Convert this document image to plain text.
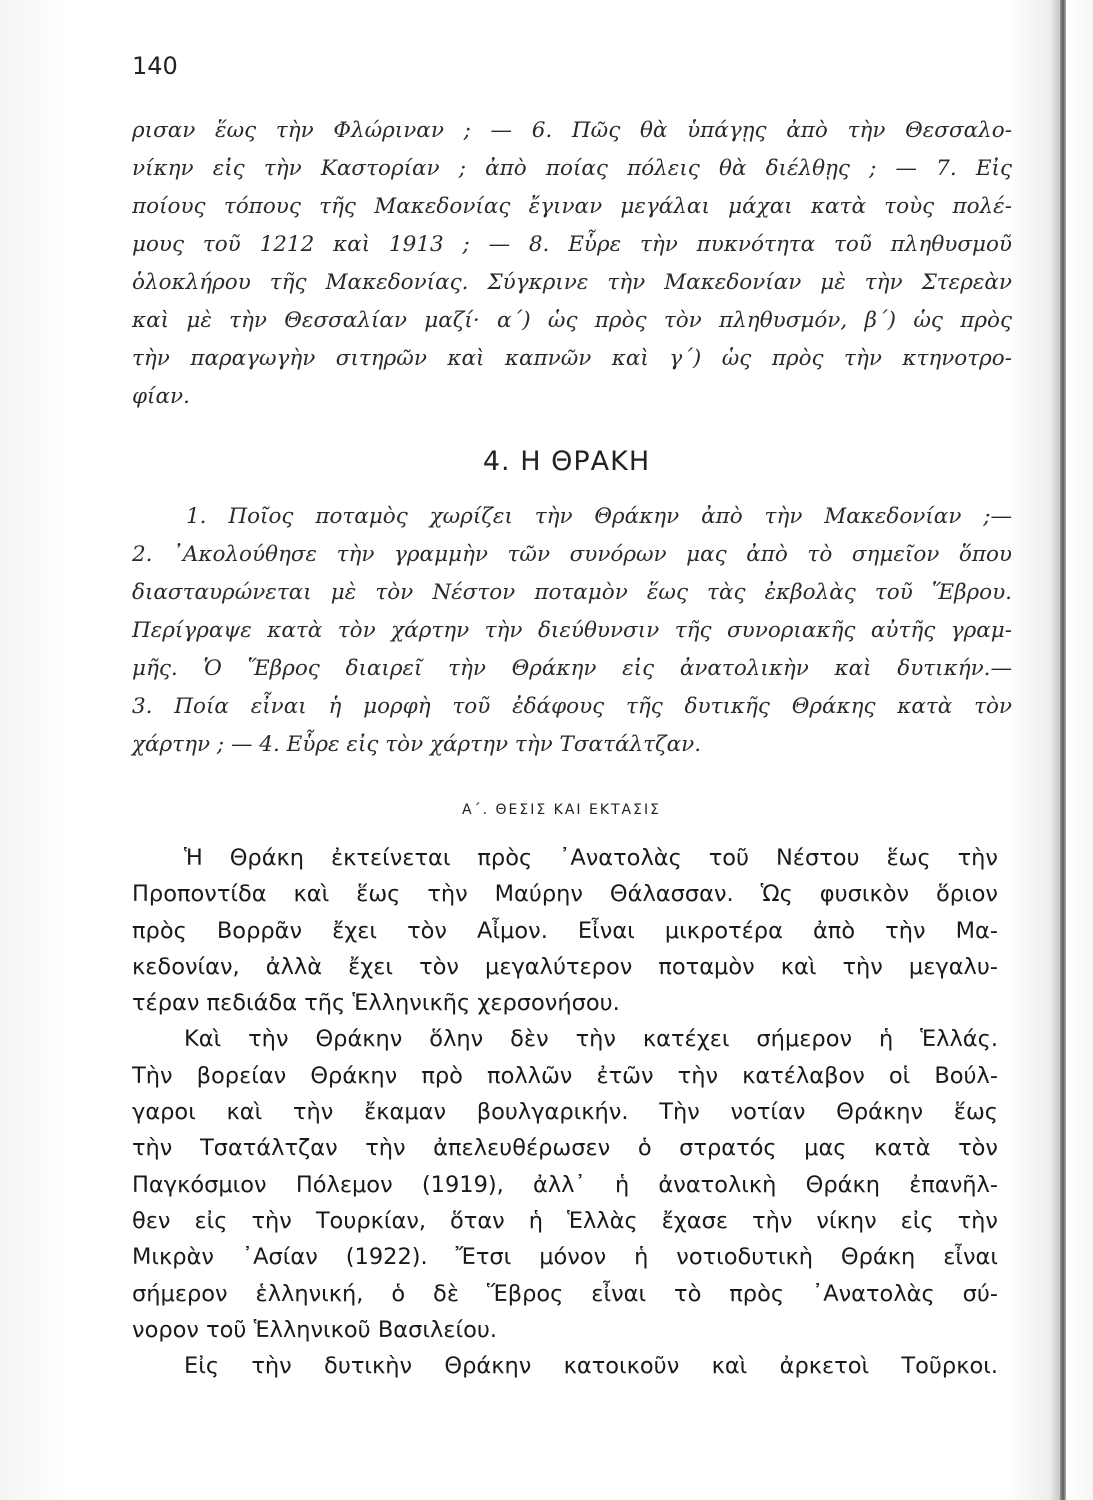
140
ρισαν ἕως τὴν Φλώριναν ; — 6. Πῶς θὰ ὑπάγῃς ἀπὸ τὴν Θεσσαλο-
νίκην εἰς τὴν Καστορίαν ; ἀπὸ ποίας πόλεις θὰ διέλθῃς ; — 7. Εἰς
ποίους τόπους τῆς Μακεδονίας ἔγιναν μεγάλαι μάχαι κατὰ τοὺς πολέ-
μους τοῦ 1212 καὶ 1913 ; — 8. Εὗρε τὴν πυκνότητα τοῦ πληθυσμοῦ
ὁλοκλήρου τῆς Μακεδονίας. Σύγκρινε τὴν Μακεδονίαν μὲ τὴν Στερεὰν
καὶ μὲ τὴν Θεσσαλίαν μαζί· α΄) ὡς πρὸς τὸν πληθυσμόν, β΄) ὡς πρὸς
τὴν παραγωγὴν σιτηρῶν καὶ καπνῶν καὶ γ΄) ὡς πρὸς τὴν κτηνοτρο-
φίαν.
4. Η ΘΡΑΚΗ
1. Ποῖος ποταμὸς χωρίζει τὴν Θράκην ἀπὸ τὴν Μακεδονίαν ;—
2. ᾿Ακολούθησε τὴν γραμμὴν τῶν συνόρων μας ἀπὸ τὸ σημεῖον ὅπου
διασταυρώνεται μὲ τὸν Νέστον ποταμὸν ἕως τὰς ἐκβολὰς τοῦ Ἕβρου.
Περίγραψε κατὰ τὸν χάρτην τὴν διεύθυνσιν τῆς συνοριακῆς αὐτῆς γραμ-
μῆς. Ὁ Ἕβρος διαιρεῖ τὴν Θράκην εἰς ἀνατολικὴν καὶ δυτικήν.—
3. Ποία εἶναι ἡ μορφὴ τοῦ ἐδάφους τῆς δυτικῆς Θράκης κατὰ τὸν
χάρτην ; — 4. Εὗρε εἰς τὸν χάρτην τὴν Τσατάλτζαν.
Α΄. ΘΕΣΙΣ ΚΑΙ ΕΚΤΑΣΙΣ
Ἡ Θράκη ἐκτείνεται πρὸς ᾿Ανατολὰς τοῦ Νέστου ἕως τὴν
Προποντίδα καὶ ἕως τὴν Μαύρην Θάλασσαν. Ὡς φυσικὸν ὅριον
πρὸς Βορρᾶν ἔχει τὸν Αἶμον. Εἶναι μικροτέρα ἀπὸ τὴν Μα-
κεδονίαν, ἀλλὰ ἔχει τὸν μεγαλύτερον ποταμὸν καὶ τὴν μεγαλυ-
τέραν πεδιάδα τῆς Ἑλληνικῆς χερσονήσου.
Καὶ τὴν Θράκην ὅλην δὲν τὴν κατέχει σήμερον ἡ Ἑλλάς.
Τὴν βορείαν Θράκην πρὸ πολλῶν ἐτῶν τὴν κατέλαβον οἱ Βούλ-
γαροι καὶ τὴν ἔκαμαν βουλγαρικήν. Τὴν νοτίαν Θράκην ἕως
τὴν Τσατάλτζαν τὴν ἀπελευθέρωσεν ὁ στρατός μας κατὰ τὸν
Παγκόσμιον Πόλεμον (1919), ἀλλ᾿ ἡ ἀνατολικὴ Θράκη ἐπανῆλ-
θεν εἰς τὴν Τουρκίαν, ὅταν ἡ Ἑλλὰς ἔχασε τὴν νίκην εἰς τὴν
Μικρὰν ᾿Ασίαν (1922). Ἔτσι μόνον ἡ νοτιοδυτικὴ Θράκη εἶναι
σήμερον ἑλληνική, ὁ δὲ Ἕβρος εἶναι τὸ πρὸς ᾿Ανατολὰς σύ-
νορον τοῦ Ἑλληνικοῦ Βασιλείου.
Εἰς τὴν δυτικὴν Θράκην κατοικοῦν καὶ ἀρκετοὶ Τοῦρκοι.
